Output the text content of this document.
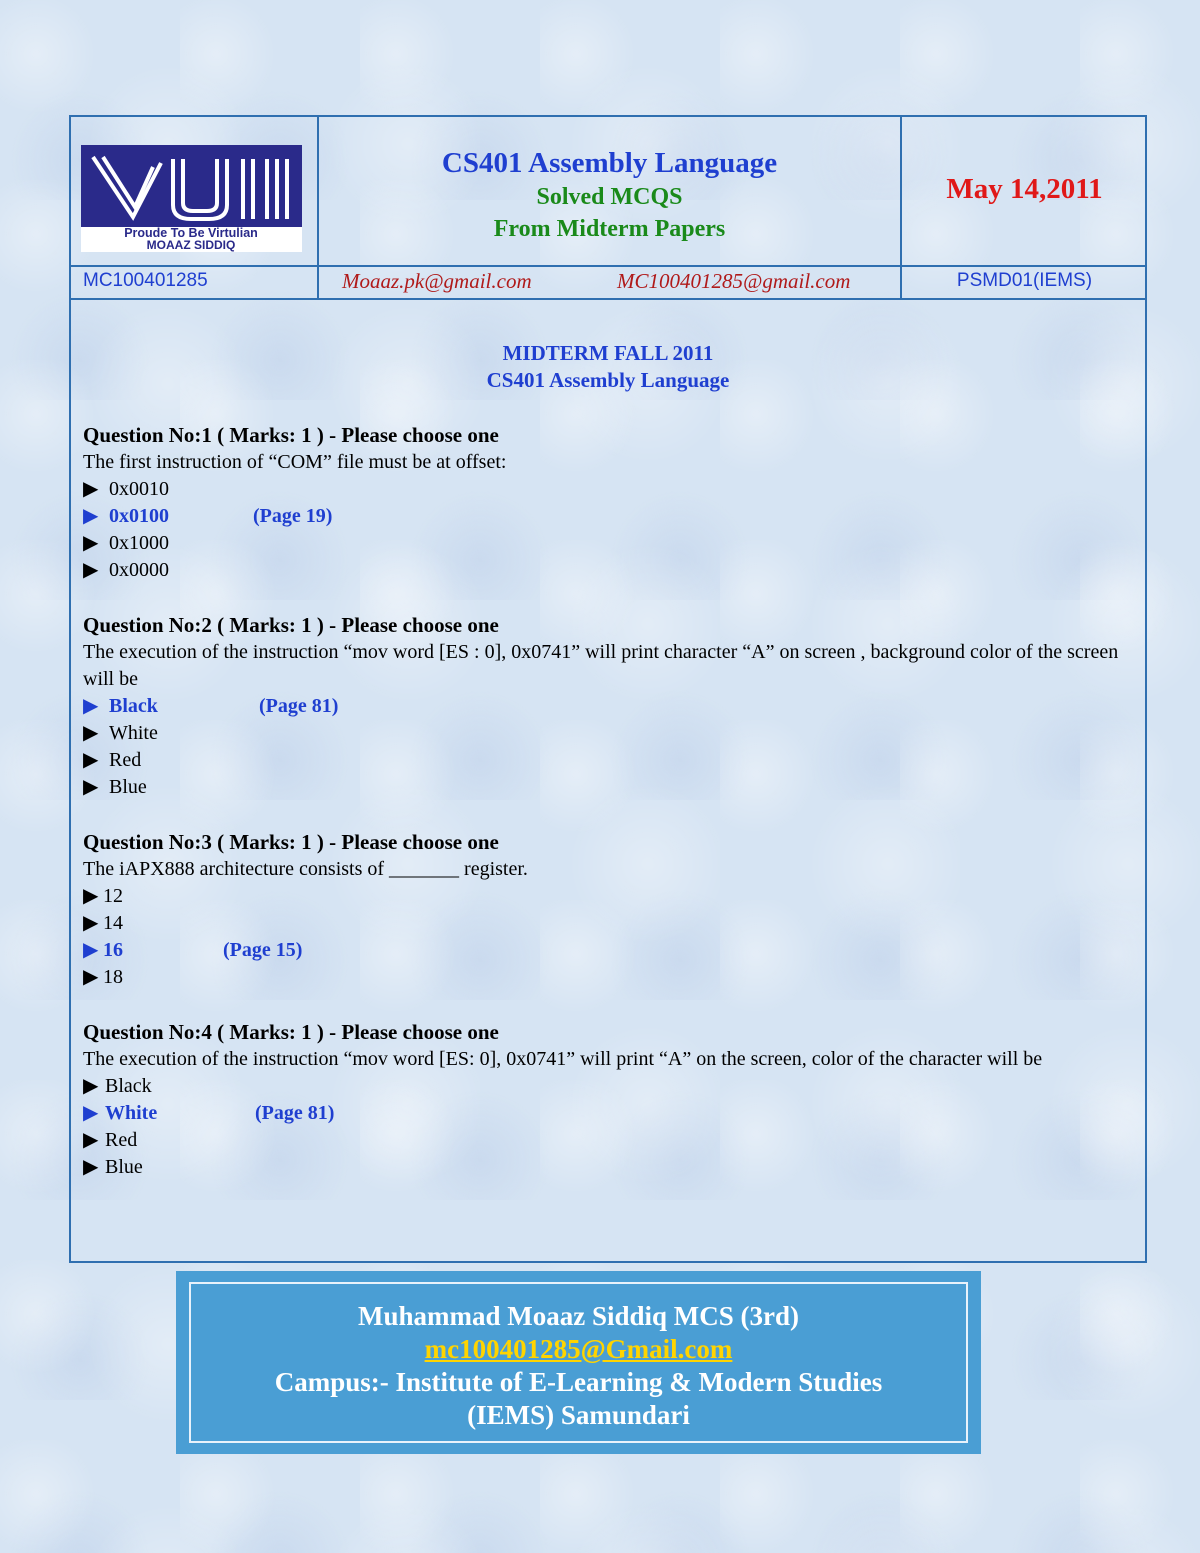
Proude To Be Virtulian
MOAAZ SIDDIQ
CS401 Assembly Language
Solved MCQS
From Midterm Papers
May 14,2011
MC100401285	Moaaz.pk@gmail.com	MC100401285@gmail.com	PSMD01(IEMS)
MIDTERM FALL 2011
CS401 Assembly Language
Question No:1 ( Marks: 1 ) - Please choose one
The first instruction of “COM” file must be at offset:
▶ 0x0010
▶ 0x0100	(Page 19)
▶ 0x1000
▶ 0x0000
Question No:2 ( Marks: 1 ) - Please choose one
The execution of the instruction “mov word [ES : 0], 0x0741” will print character “A” on screen , background color of the screen will be
▶ Black	(Page 81)
▶ White
▶ Red
▶ Blue
Question No:3 ( Marks: 1 ) - Please choose one
The iAPX888 architecture consists of _______ register.
▶ 12
▶ 14
▶ 16	(Page 15)
▶ 18
Question No:4 ( Marks: 1 ) - Please choose one
The execution of the instruction “mov word [ES: 0], 0x0741” will print “A” on the screen, color of the character will be
▶ Black
▶ White	(Page 81)
▶ Red
▶ Blue
Muhammad Moaaz Siddiq MCS (3rd)
mc100401285@Gmail.com
Campus:- Institute of E-Learning & Modern Studies
(IEMS) Samundari
